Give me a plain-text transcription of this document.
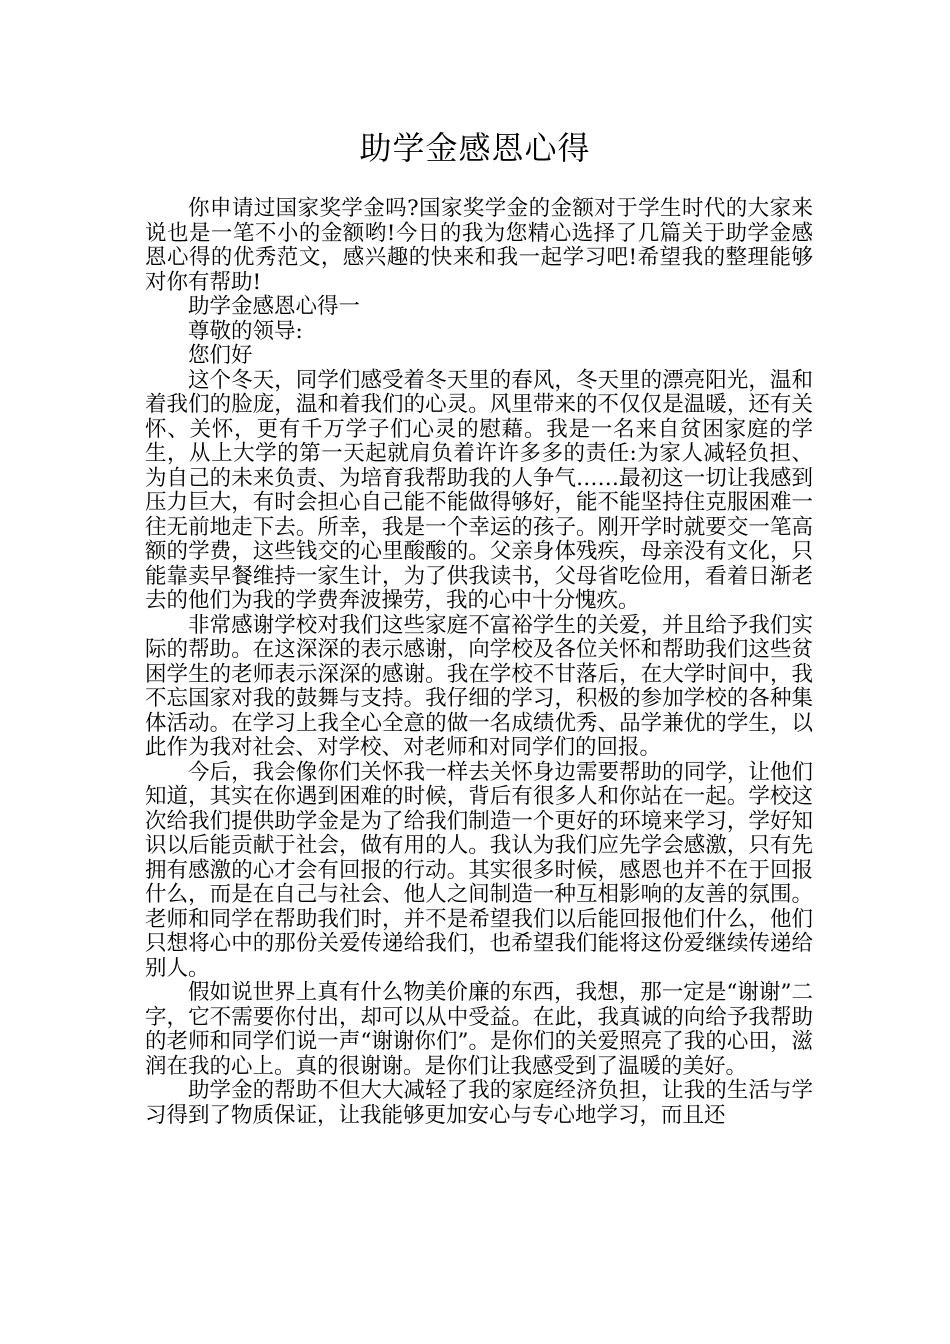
助学金感恩心得

你申请过国家奖学金吗?国家奖学金的金额对于学生时代的大家来说也是一笔不小的金额哟!今日的我为您精心选择了几篇关于助学金感恩心得的优秀范文，感兴趣的快来和我一起学习吧!希望我的整理能够对你有帮助!

助学金感恩心得一

尊敬的领导:

您们好

这个冬天，同学们感受着冬天里的春风，冬天里的漂亮阳光，温和着我们的脸庞，温和着我们的心灵。风里带来的不仅仅是温暖，还有关怀、关怀，更有千万学子们心灵的慰藉。我是一名来自贫困家庭的学生，从上大学的第一天起就肩负着许许多多的责任:为家人减轻负担、为自己的未来负责、为培育我帮助我的人争气……最初这一切让我感到压力巨大，有时会担心自己能不能做得够好，能不能坚持住克服困难一往无前地走下去。所幸，我是一个幸运的孩子。刚开学时就要交一笔高额的学费，这些钱交的心里酸酸的。父亲身体残疾，母亲没有文化，只能靠卖早餐维持一家生计，为了供我读书，父母省吃俭用，看着日渐老去的他们为我的学费奔波操劳，我的心中十分愧疚。

非常感谢学校对我们这些家庭不富裕学生的关爱，并且给予我们实际的帮助。在这深深的表示感谢，向学校及各位关怀和帮助我们这些贫困学生的老师表示深深的感谢。我在学校不甘落后，在大学时间中，我不忘国家对我的鼓舞与支持。我仔细的学习，积极的参加学校的各种集体活动。在学习上我全心全意的做一名成绩优秀、品学兼优的学生，以此作为我对社会、对学校、对老师和对同学们的回报。

今后，我会像你们关怀我一样去关怀身边需要帮助的同学，让他们知道，其实在你遇到困难的时候，背后有很多人和你站在一起。学校这次给我们提供助学金是为了给我们制造一个更好的环境来学习，学好知识以后能贡献于社会，做有用的人。我认为我们应先学会感激，只有先拥有感激的心才会有回报的行动。其实很多时候，感恩也并不在于回报什么，而是在自己与社会、他人之间制造一种互相影响的友善的氛围。老师和同学在帮助我们时，并不是希望我们以后能回报他们什么，他们只想将心中的那份关爱传递给我们，也希望我们能将这份爱继续传递给别人。

假如说世界上真有什么物美价廉的东西，我想，那一定是“谢谢”二字，它不需要你付出，却可以从中受益。在此，我真诚的向给予我帮助的老师和同学们说一声“谢谢你们”。是你们的关爱照亮了我的心田，滋润在我的心上。真的很谢谢。是你们让我感受到了温暖的美好。

助学金的帮助不但大大减轻了我的家庭经济负担，让我的生活与学习得到了物质保证，让我能够更加安心与专心地学习，而且还
